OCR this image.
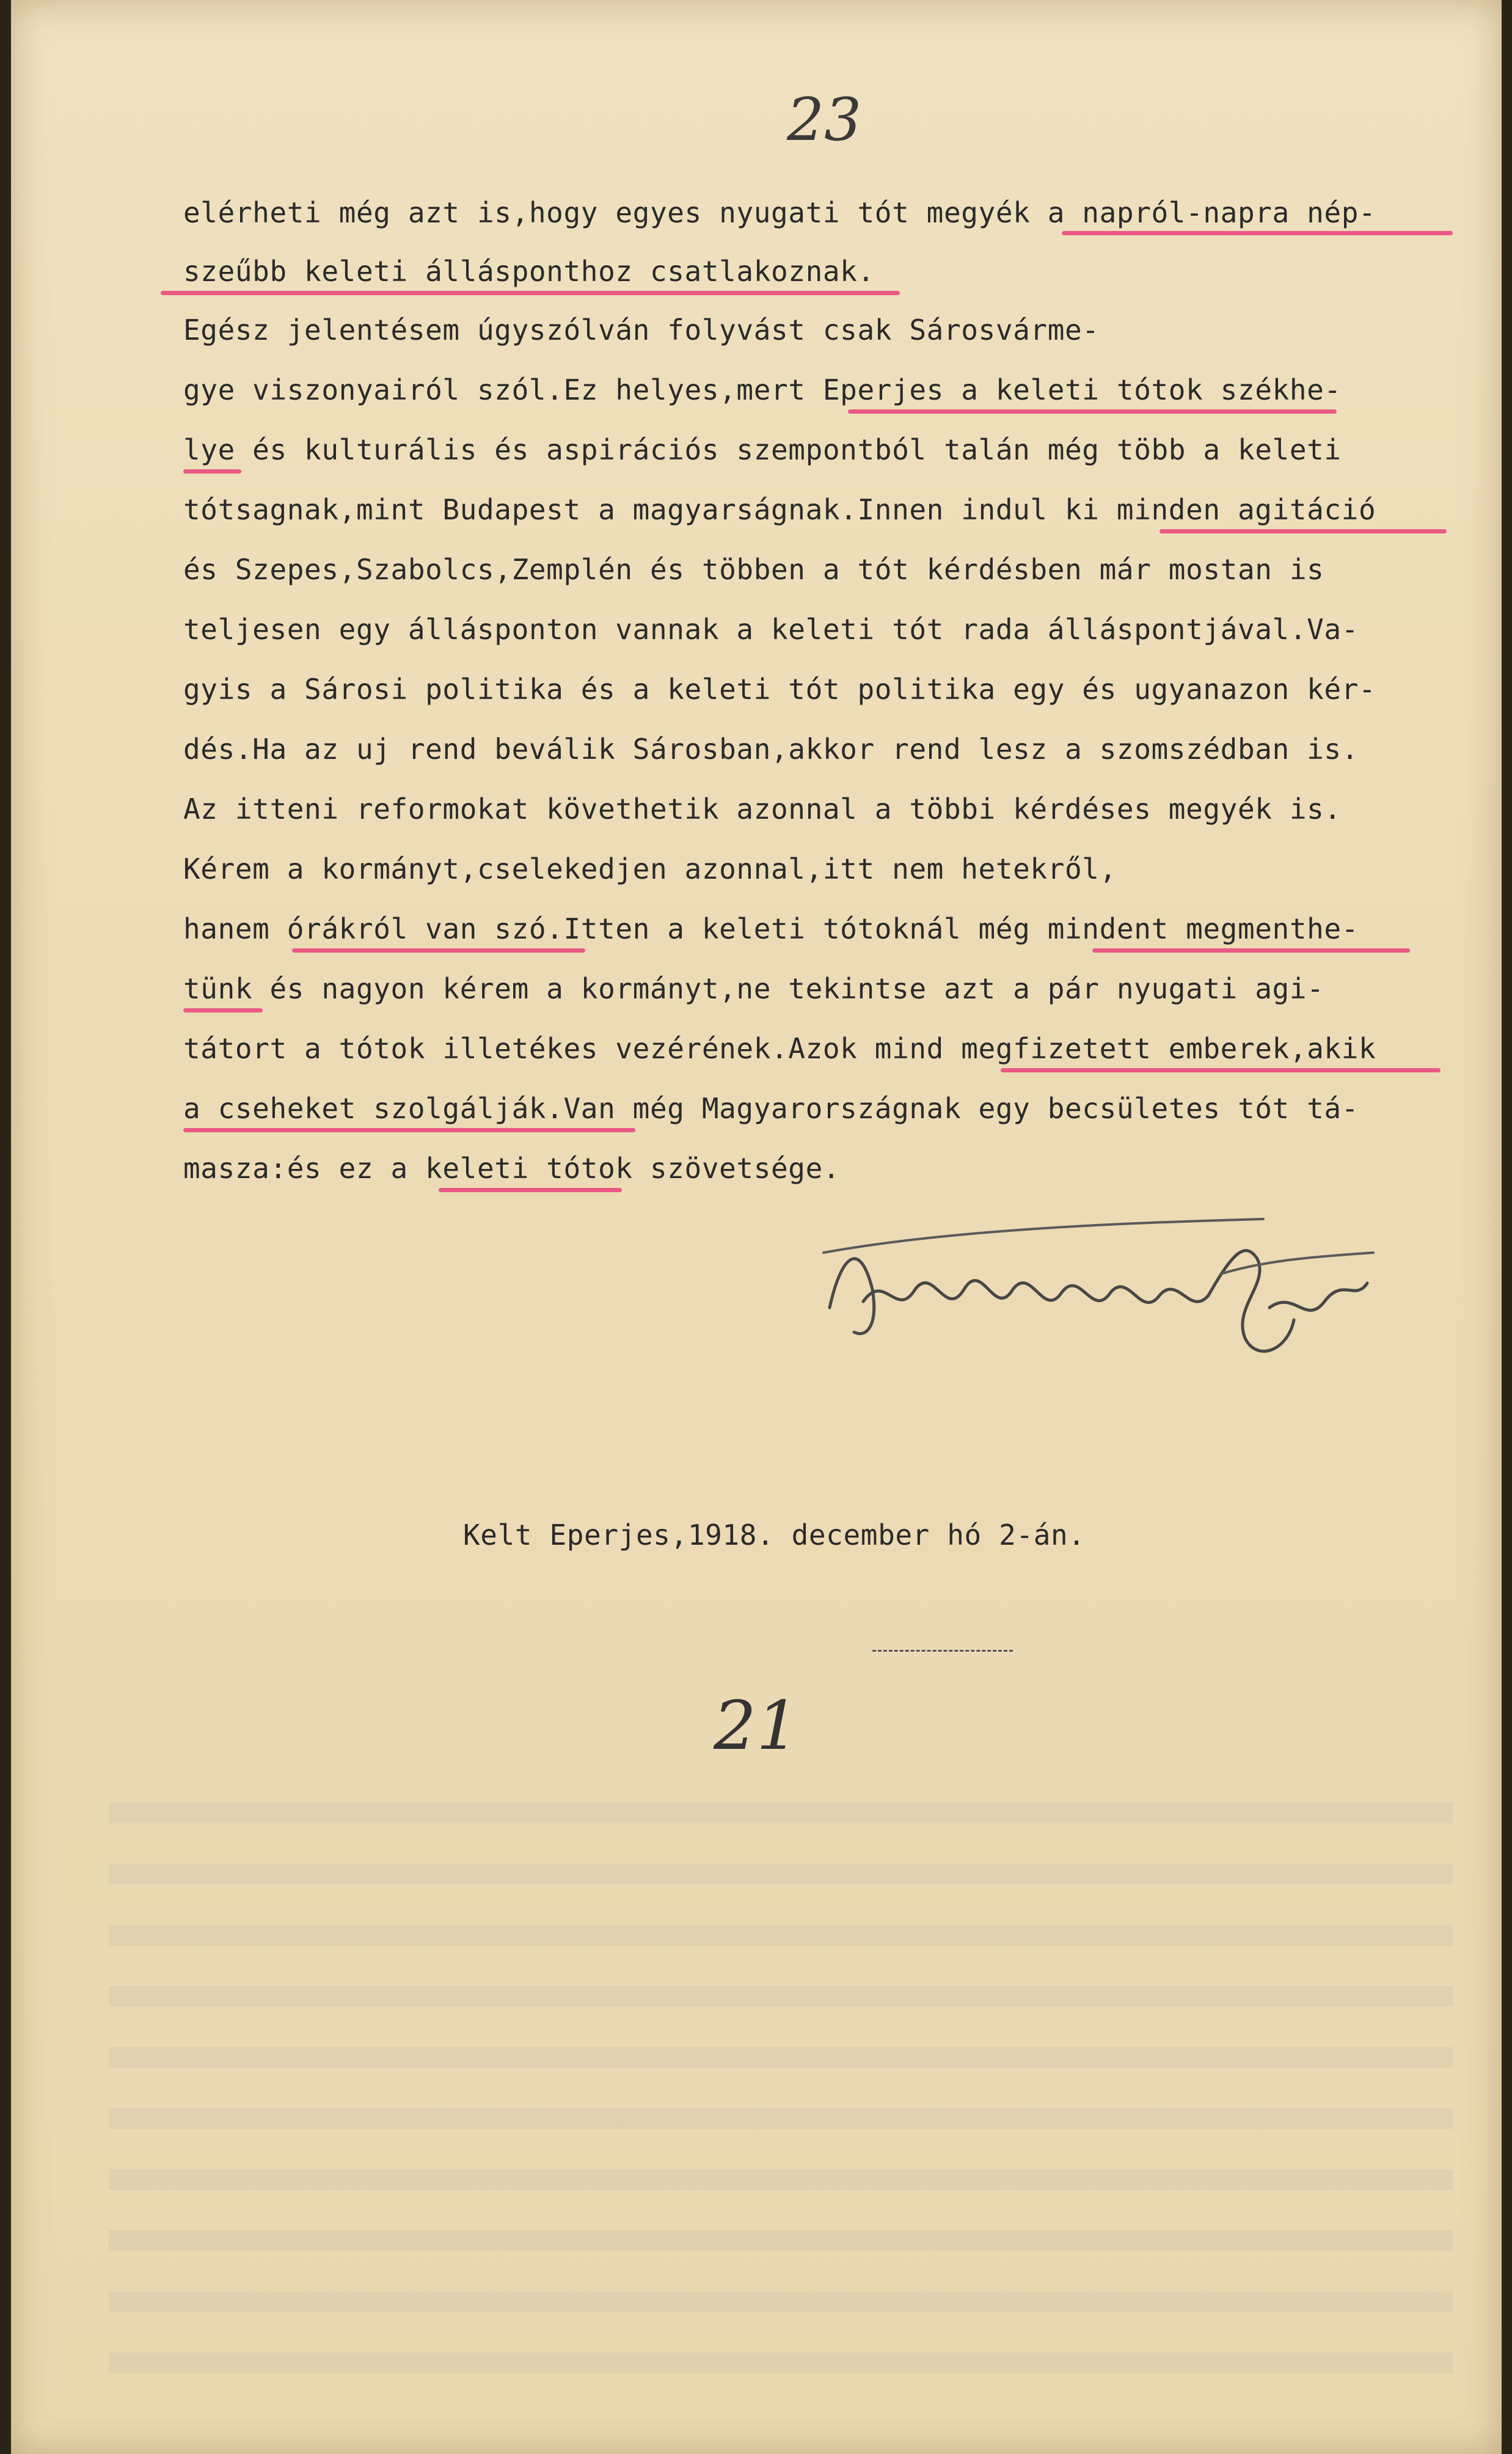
23
elérheti még azt is,hogy egyes nyugati tót megyék a napról-napra nép-
szeűbb keleti állásponthoz csatlakoznak.
Egész jelentésem úgyszólván folyvást csak Sárosvárme-
gye viszonyairól szól.Ez helyes,mert Eperjes a keleti tótok székhe-
lye és kulturális és aspirációs szempontból talán még több a keleti
tótsagnak,mint Budapest a magyarságnak.Innen indul ki minden agitáció
és Szepes,Szabolcs,Zemplén és többen a tót kérdésben már mostan is
teljesen egy állásponton vannak a keleti tót rada álláspontjával.Va-
gyis a Sárosi politika és a keleti tót politika egy és ugyanazon kér-
dés.Ha az uj rend beválik Sárosban,akkor rend lesz a szomszédban is.
Az itteni reformokat követhetik azonnal a többi kérdéses megyék is.
Kérem a kormányt,cselekedjen azonnal,itt nem hetekről,
hanem órákról van szó.Itten a keleti tótoknál még mindent megmenthe-
tünk és nagyon kérem a kormányt,ne tekintse azt a pár nyugati agi-
tátort a tótok illetékes vezérének.Azok mind megfizetett emberek,akik
a cseheket szolgálják.Van még Magyarországnak egy becsületes tót tá-
masza:és ez a keleti tótok szövetsége.
Kelt Eperjes,1918. december hó 2-án.
21
